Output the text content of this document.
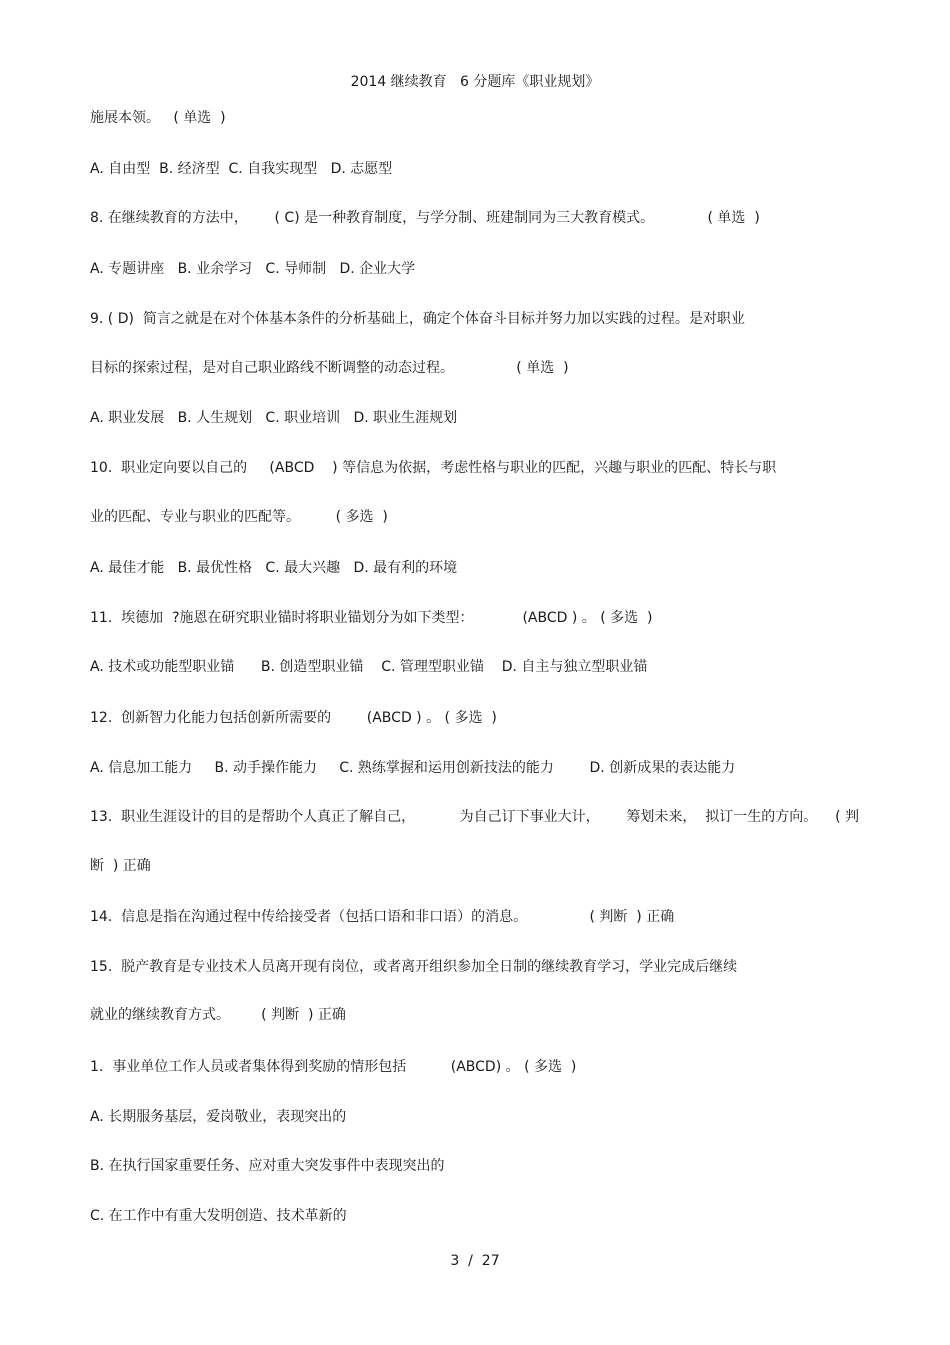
2014 继续教育   6 分题库《职业规划》
施展本领。   ( 单选  )
A. 自由型  B. 经济型  C. 自我实现型   D. 志愿型
8. 在继续教育的方法中，      ( C) 是一种教育制度，与学分制、班建制同为三大教育模式。            ( 单选  )
A. 专题讲座   B. 业余学习   C. 导师制   D. 企业大学
9. ( D)  简言之就是在对个体基本条件的分析基础上，确定个体奋斗目标并努力加以实践的过程。是对职业
目标的探索过程，是对自己职业路线不断调整的动态过程。              ( 单选  )
A. 职业发展   B. 人生规划   C. 职业培训   D. 职业生涯规划
10.  职业定向要以自己的     (ABCD    ) 等信息为依据，考虑性格与职业的匹配，兴趣与职业的匹配、特长与职
业的匹配、专业与职业的匹配等。        ( 多选  )
A. 最佳才能   B. 最优性格   C. 最大兴趣   D. 最有利的环境
11.  埃德加  ?施恩在研究职业锚时将职业锚划分为如下类型：           (ABCD ) 。 ( 多选  )
A. 技术或功能型职业锚      B. 创造型职业锚    C. 管理型职业锚    D. 自主与独立型职业锚
12.  创新智力化能力包括创新所需要的        (ABCD ) 。 ( 多选  )
A. 信息加工能力     B. 动手操作能力     C. 熟练掌握和运用创新技法的能力        D. 创新成果的表达能力
13.  职业生涯设计的目的是帮助个人真正了解自己，          为自己订下事业大计，      筹划未来，  拟订一生的方向。    ( 判
断  ) 正确
14.  信息是指在沟通过程中传给接受者（包括口语和非口语）的消息。              ( 判断  ) 正确
15.  脱产教育是专业技术人员离开现有岗位，或者离开组织参加全日制的继续教育学习，学业完成后继续
就业的继续教育方式。       ( 判断  ) 正确
1.  事业单位工作人员或者集体得到奖励的情形包括          (ABCD) 。 ( 多选  )
A. 长期服务基层，爱岗敬业，表现突出的
B. 在执行国家重要任务、应对重大突发事件中表现突出的
C. 在工作中有重大发明创造、技术革新的
3  /  27
